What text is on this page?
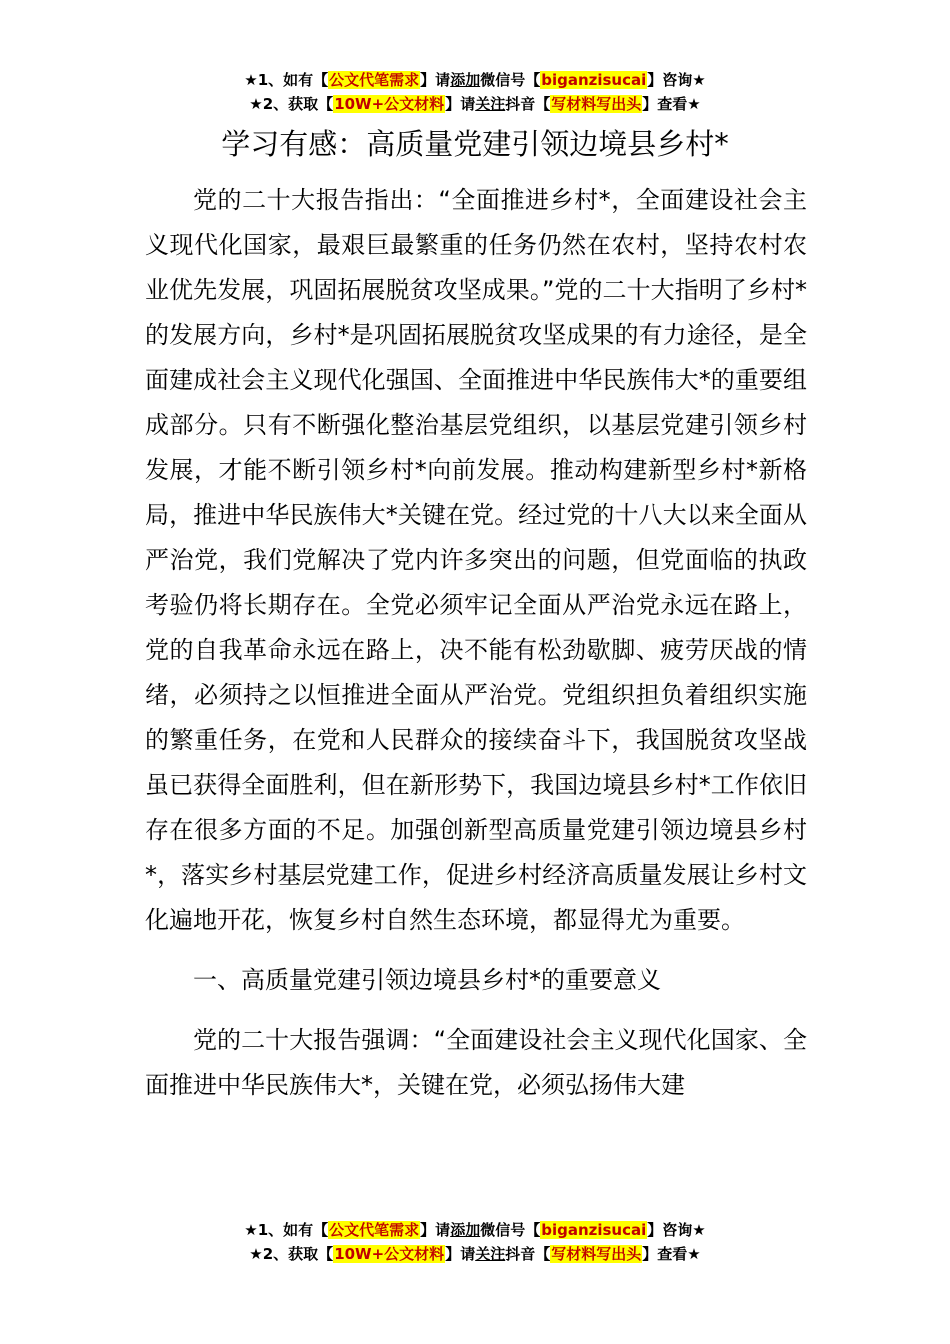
★1、如有【公文代笔需求】请添加微信号【biganzisucai】咨询★
★2、获取【10W+公文材料】请关注抖音【写材料写出头】查看★
学习有感：高质量党建引领边境县乡村*

党的二十大报告指出：“全面推进乡村*，全面建设社会主义现代化国家，最艰巨最繁重的任务仍然在农村，坚持农村农业优先发展，巩固拓展脱贫攻坚成果。”党的二十大指明了乡村*的发展方向，乡村*是巩固拓展脱贫攻坚成果的有力途径，是全面建成社会主义现代化强国、全面推进中华民族伟大*的重要组成部分。只有不断强化整治基层党组织，以基层党建引领乡村发展，才能不断引领乡村*向前发展。推动构建新型乡村*新格局，推进中华民族伟大*关键在党。经过党的十八大以来全面从严治党，我们党解决了党内许多突出的问题，但党面临的执政考验仍将长期存在。全党必须牢记全面从严治党永远在路上，党的自我革命永远在路上，决不能有松劲歇脚、疲劳厌战的情绪，必须持之以恒推进全面从严治党。党组织担负着组织实施的繁重任务，在党和人民群众的接续奋斗下，我国脱贫攻坚战虽已获得全面胜利，但在新形势下，我国边境县乡村*工作依旧存在很多方面的不足。加强创新型高质量党建引领边境县乡村*，落实乡村基层党建工作，促进乡村经济高质量发展让乡村文化遍地开花，恢复乡村自然生态环境，都显得尤为重要。

一、高质量党建引领边境县乡村*的重要意义

党的二十大报告强调：“全面建设社会主义现代化国家、全面推进中华民族伟大*，关键在党，必须弘扬伟大建

★1、如有【公文代笔需求】请添加微信号【biganzisucai】咨询★
★2、获取【10W+公文材料】请关注抖音【写材料写出头】查看★
